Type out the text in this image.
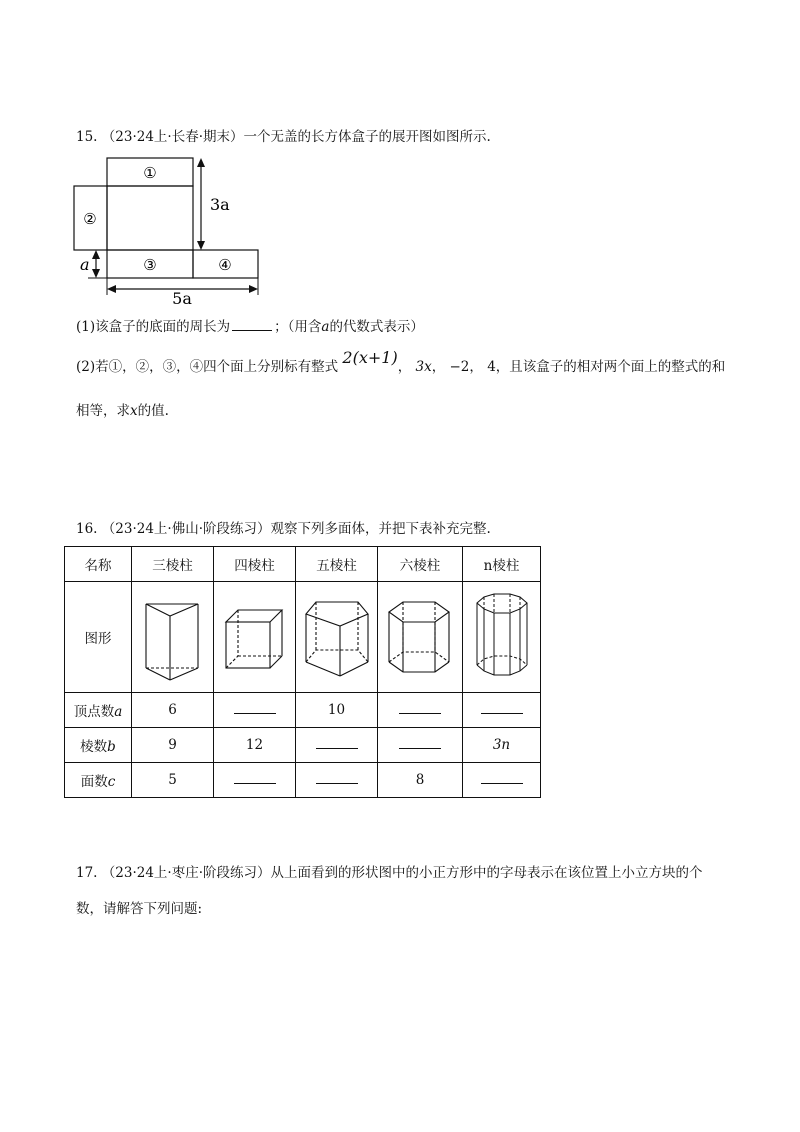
15. （23·24上·长春·期末）一个无盖的长方体盒子的展开图如图所示.
①
②
③	④
3a
a
5a
(1)该盒子的底面的周长为	；（用含a的代数式表示）
(2)若①，②，③，④四个面上分别标有整式 2(x+1)， 3x， −2， 4，且该盒子的相对两个面上的整式的和
相等，求x的值.
16. （23·24上·佛山·阶段练习）观察下列多面体，并把下表补充完整.
名称	三棱柱	四棱柱	五棱柱	六棱柱	n棱柱
图形	

顶点数a	6		10		
棱数b	9	12			3n
面数c	5			8	
17. （23·24上·枣庄·阶段练习）从上面看到的形状图中的小正方形中的字母表示在该位置上小立方块的个
数，请解答下列问题:
